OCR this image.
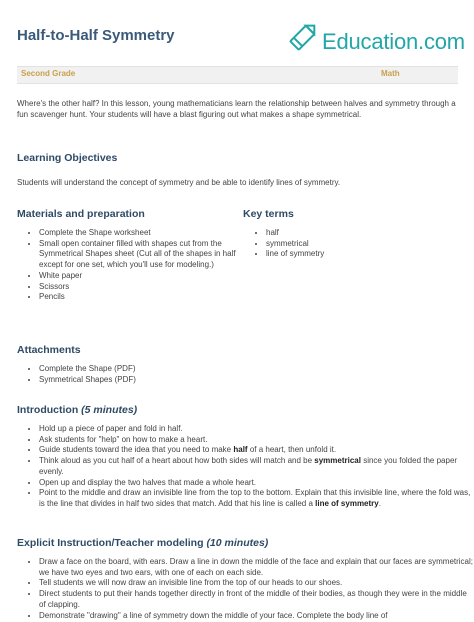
Half-to-Half Symmetry	Education.com
Second Grade	Math
Where's the other half? In this lesson, young mathematicians learn the relationship between halves and symmetry through a fun scavenger hunt. Your students will have a blast figuring out what makes a shape symmetrical.
Learning Objectives
Students will understand the concept of symmetry and be able to identify lines of symmetry.
Materials and preparation
• Complete the Shape worksheet
• Small open container filled with shapes cut from the Symmetrical Shapes sheet (Cut all of the shapes in half except for one set, which you'll use for modeling.)
• White paper
• Scissors
• Pencils
Key terms
• half
• symmetrical
• line of symmetry
Attachments
• Complete the Shape (PDF)
• Symmetrical Shapes (PDF)
Introduction (5 minutes)
• Hold up a piece of paper and fold in half.
• Ask students for "help" on how to make a heart.
• Guide students toward the idea that you need to make half of a heart, then unfold it.
• Think aloud as you cut half of a heart about how both sides will match and be symmetrical since you folded the paper evenly.
• Open up and display the two halves that made a whole heart.
• Point to the middle and draw an invisible line from the top to the bottom. Explain that this invisible line, where the fold was, is the line that divides in half two sides that match. Add that his line is called a line of symmetry.
Explicit Instruction/Teacher modeling (10 minutes)
• Draw a face on the board, with ears. Draw a line in down the middle of the face and explain that our faces are symmetrical; we have two eyes and two ears, with one of each on each side.
• Tell students we will now draw an invisible line from the top of our heads to our shoes.
• Direct students to put their hands together directly in front of the middle of their bodies, as though they were in the middle of clapping.
• Demonstrate "drawing" a line of symmetry down the middle of your face. Complete the body line of
